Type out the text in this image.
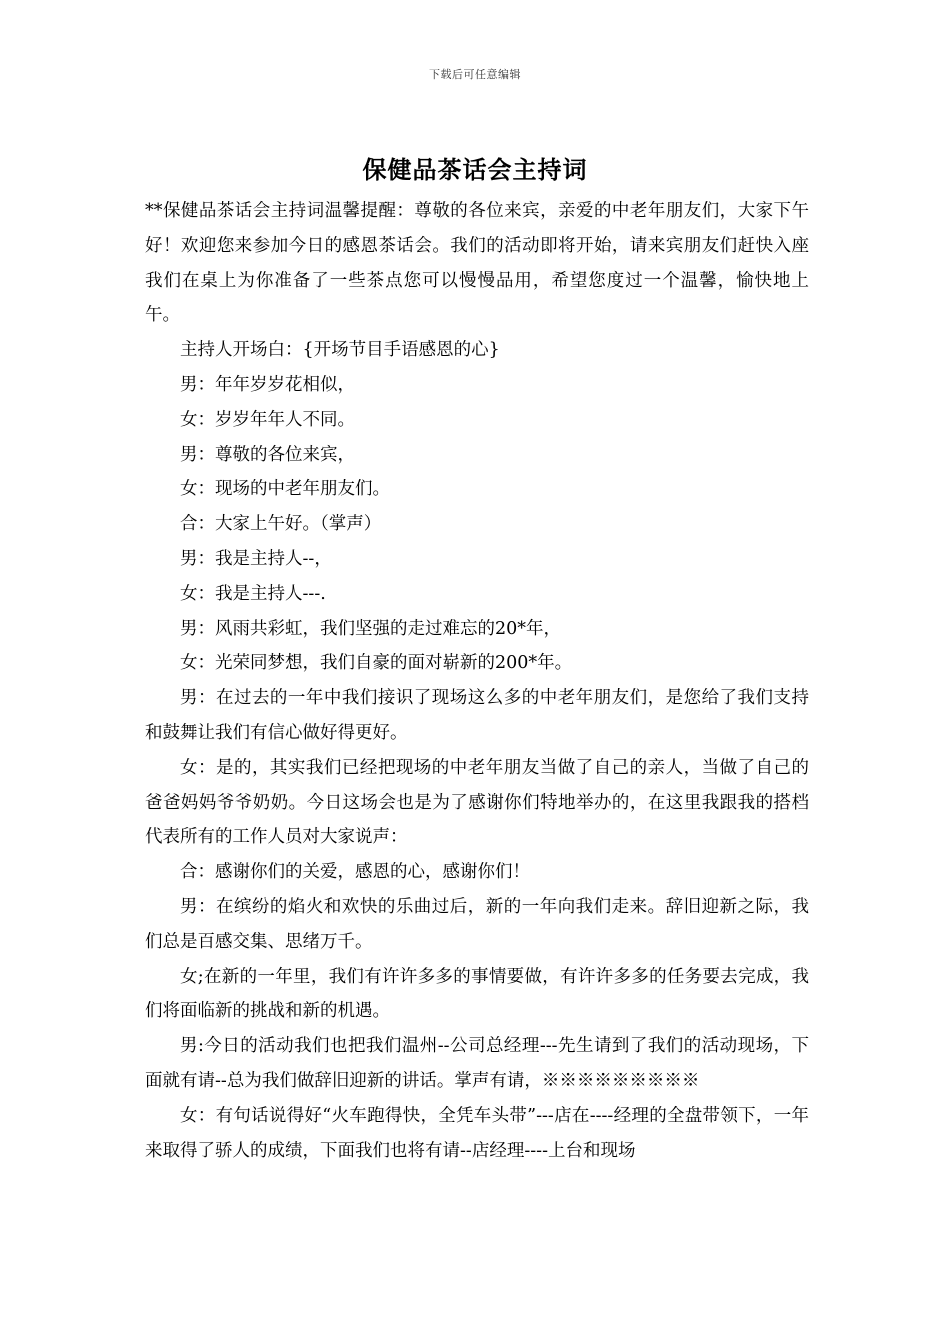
下载后可任意编辑
保健品茶话会主持词

**保健品茶话会主持词温馨提醒：尊敬的各位来宾，亲爱的中老年朋友们，大家下午好！欢迎您来参加今日的感恩茶话会。我们的活动即将开始，请来宾朋友们赶快入座我们在桌上为你准备了一些茶点您可以慢慢品用，希望您度过一个温馨，愉快地上午。

主持人开场白：{开场节目手语感恩的心}

男：年年岁岁花相似，

女：岁岁年年人不同。

男：尊敬的各位来宾，

女：现场的中老年朋友们。

合：大家上午好。（掌声）

男：我是主持人--，

女：我是主持人---.

男：风雨共彩虹，我们坚强的走过难忘的20*年，

女：光荣同梦想，我们自豪的面对崭新的200*年。

男：在过去的一年中我们接识了现场这么多的中老年朋友们，是您给了我们支持和鼓舞让我们有信心做好得更好。

女：是的，其实我们已经把现场的中老年朋友当做了自己的亲人，当做了自己的爸爸妈妈爷爷奶奶。今日这场会也是为了感谢你们特地举办的，在这里我跟我的搭档代表所有的工作人员对大家说声：

合：感谢你们的关爱，感恩的心，感谢你们！

男：在缤纷的焰火和欢快的乐曲过后，新的一年向我们走来。辞旧迎新之际，我们总是百感交集、思绪万千。

女;在新的一年里，我们有许许多多的事情要做，有许许多多的任务要去完成，我们将面临新的挑战和新的机遇。

男:今日的活动我们也把我们温州--公司总经理---先生请到了我们的活动现场，下面就有请--总为我们做辞旧迎新的讲话。掌声有请，※※※※※※※※※

女：有句话说得好“火车跑得快，全凭车头带”---店在----经理的全盘带领下，一年来取得了骄人的成绩，下面我们也将有请--店经理----上台和现场
